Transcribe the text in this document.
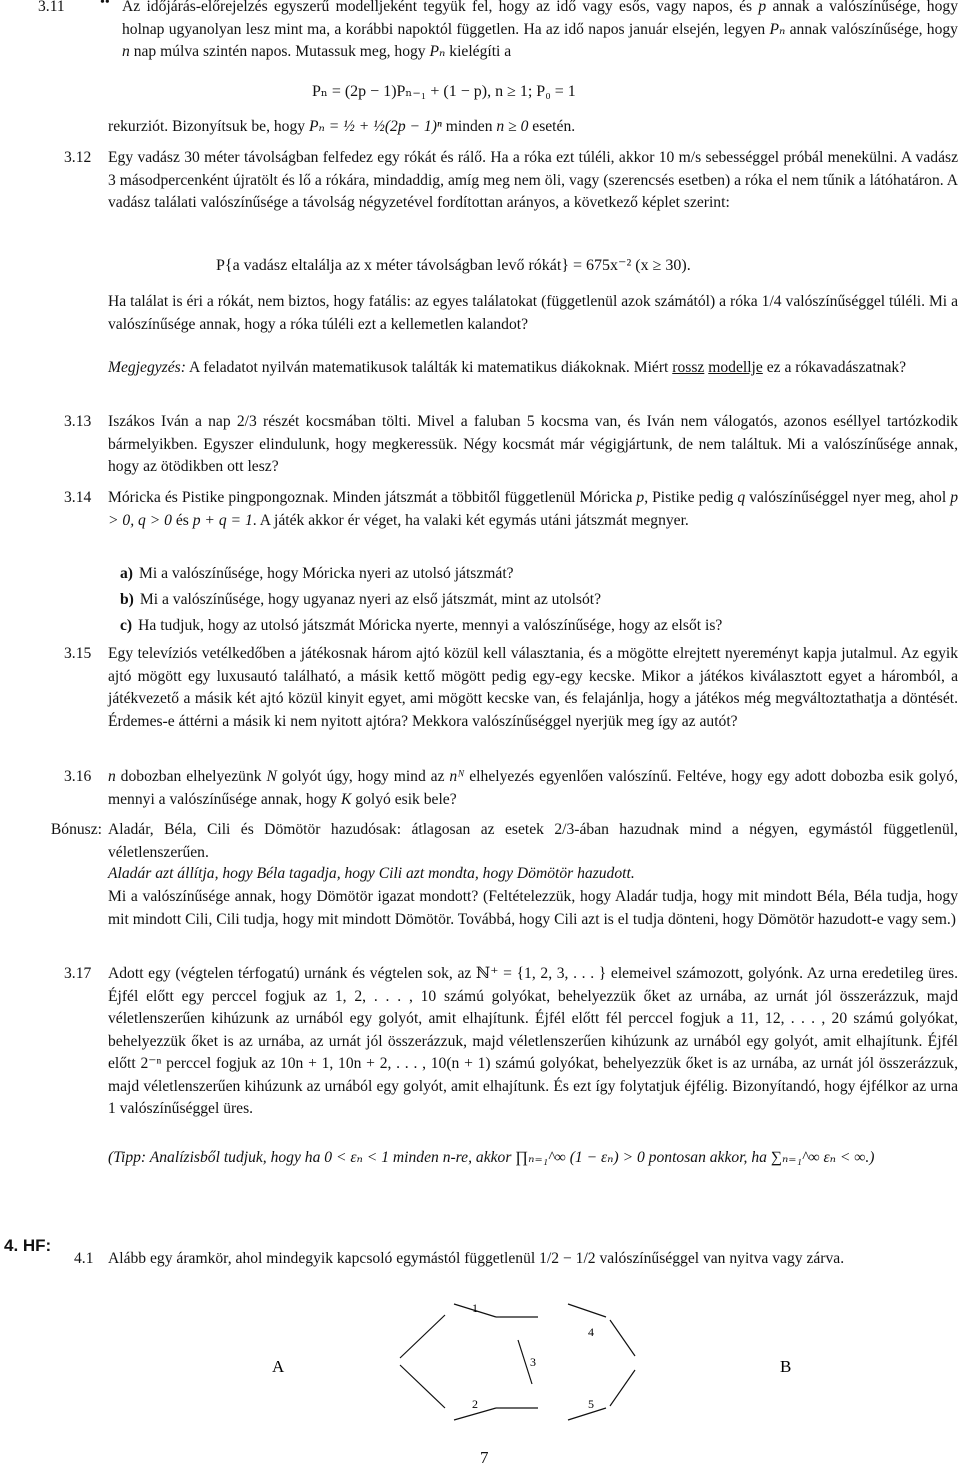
3.11	•• Az időjárás-előrejelzés egyszerű modelljeként tegyük fel, hogy az idő vagy esős, vagy napos, és p annak a valószínűsége, hogy holnap ugyanolyan lesz mint ma, a korábbi napoktól független. Ha az idő napos január elsején, legyen Pₙ annak valószínűsége, hogy n nap múlva szintén napos. Mutassuk meg, hogy Pₙ kielégíti a
Pₙ = (2p − 1)Pₙ₋₁ + (1 − p), n ≥ 1; P₀ = 1
rekurziót. Bizonyítsuk be, hogy Pₙ = ½ + ½(2p − 1)ⁿ minden n ≥ 0 esetén.
3.12	Egy vadász 30 méter távolságban felfedez egy rókát és rálő. Ha a róka ezt túléli, akkor 10 m/s sebességgel próbál menekülni. A vadász 3 másodpercenként újratölt és lő a rókára, mindaddig, amíg meg nem öli, vagy (szerencsés esetben) a róka el nem tűnik a látóhatáron. A vadász találati valószínűsége a távolság négyzetével fordítottan arányos, a következő képlet szerint:
P{a vadász eltalálja az x méter távolságban levő rókát} = 675x⁻² (x ≥ 30).
Ha találat is éri a rókát, nem biztos, hogy fatális: az egyes találatokat (függetlenül azok számától) a róka 1/4 valószínűséggel túléli. Mi a valószínűsége annak, hogy a róka túléli ezt a kellemetlen kalandot?
Megjegyzés: A feladatot nyilván matematikusok találták ki matematikus diákoknak. Miért rossz modellje ez a rókavadászatnak?
3.13	Iszákos Iván a nap 2/3 részét kocsmában tölti. Mivel a faluban 5 kocsma van, és Iván nem válogatós, azonos eséllyel tartózkodik bármelyikben. Egyszer elindulunk, hogy megkeressük. Négy kocsmát már végigjártunk, de nem találtuk. Mi a valószínűsége annak, hogy az ötödikben ott lesz?
3.14	Móricka és Pistike pingpongoznak. Minden játszmát a többitől függetlenül Móricka p, Pistike pedig q valószínűséggel nyer meg, ahol p > 0, q > 0 és p + q = 1. A játék akkor ér véget, ha valaki két egymás utáni játszmát megnyer.
a) Mi a valószínűsége, hogy Móricka nyeri az utolsó játszmát?
b) Mi a valószínűsége, hogy ugyanaz nyeri az első játszmát, mint az utolsót?
c) Ha tudjuk, hogy az utolsó játszmát Móricka nyerte, mennyi a valószínűsége, hogy az elsőt is?
3.15	Egy televíziós vetélkedőben a játékosnak három ajtó közül kell választania, és a mögötte elrejtett nyereményt kapja jutalmul. Az egyik ajtó mögött egy luxusautó található, a másik kettő mögött pedig egy-egy kecske. Mikor a játékos kiválasztott egyet a háromból, a játékvezető a másik két ajtó közül kinyit egyet, ami mögött kecske van, és felajánlja, hogy a játékos még megváltoztathatja a döntését. Érdemes-e áttérni a másik ki nem nyitott ajtóra? Mekkora valószínűséggel nyerjük meg így az autót?
3.16	n dobozban elhelyezünk N golyót úgy, hogy mind az nᴺ elhelyezés egyenlően valószínű. Feltéve, hogy egy adott dobozba esik golyó, mennyi a valószínűsége annak, hogy K golyó esik bele?
Bónusz: Aladár, Béla, Cili és Dömötör hazudósak: átlagosan az esetek 2/3-ában hazudnak mind a négyen, egymástól függetlenül, véletlenszerűen.
Aladár azt állítja, hogy Béla tagadja, hogy Cili azt mondta, hogy Dömötör hazudott.
Mi a valószínűsége annak, hogy Dömötör igazat mondott? (Feltételezzük, hogy Aladár tudja, hogy mit mindott Béla, Béla tudja, hogy mit mindott Cili, Cili tudja, hogy mit mindott Dömötör. Továbbá, hogy Cili azt is el tudja dönteni, hogy Dömötör hazudott-e vagy sem.)
3.17	Adott egy (végtelen térfogatú) urnánk és végtelen sok, az ℕ⁺ = {1, 2, 3, . . . } elemeivel számozott, golyónk. Az urna eredetileg üres. Éjfél előtt egy perccel fogjuk az 1, 2, . . . , 10 számú golyókat, behelyezzük őket az urnába, az urnát jól összerázzuk, majd véletlenszerűen kihúzunk az urnából egy golyót, amit elhajítunk. Éjfél előtt fél perccel fogjuk a 11, 12, . . . , 20 számú golyókat, behelyezzük őket is az urnába, az urnát jól összerázzuk, majd véletlenszerűen kihúzunk az urnából egy golyót, amit elhajítunk. Éjfél előtt 2⁻ⁿ perccel fogjuk az 10n + 1, 10n + 2, . . . , 10(n + 1) számú golyókat, behelyezzük őket is az urnába, az urnát jól összerázzuk, majd véletlenszerűen kihúzunk az urnából egy golyót, amit elhajítunk. És ezt így folytatjuk éjfélig. Bizonyítandó, hogy éjfélkor az urna 1 valószínűséggel üres.
(Tipp: Analízisből tudjuk, hogy ha 0 < εₙ < 1 minden n-re, akkor ∏ₙ₌₁^∞ (1 − εₙ) > 0 pontosan akkor, ha ∑ₙ₌₁^∞ εₙ < ∞.)
4. HF:
4.1 Alább egy áramkör, ahol mindegyik kapcsoló egymástól függetlenül 1/2 − 1/2 valószínűséggel van nyitva vagy zárva.
A	B
1
2
3
4
5
7
